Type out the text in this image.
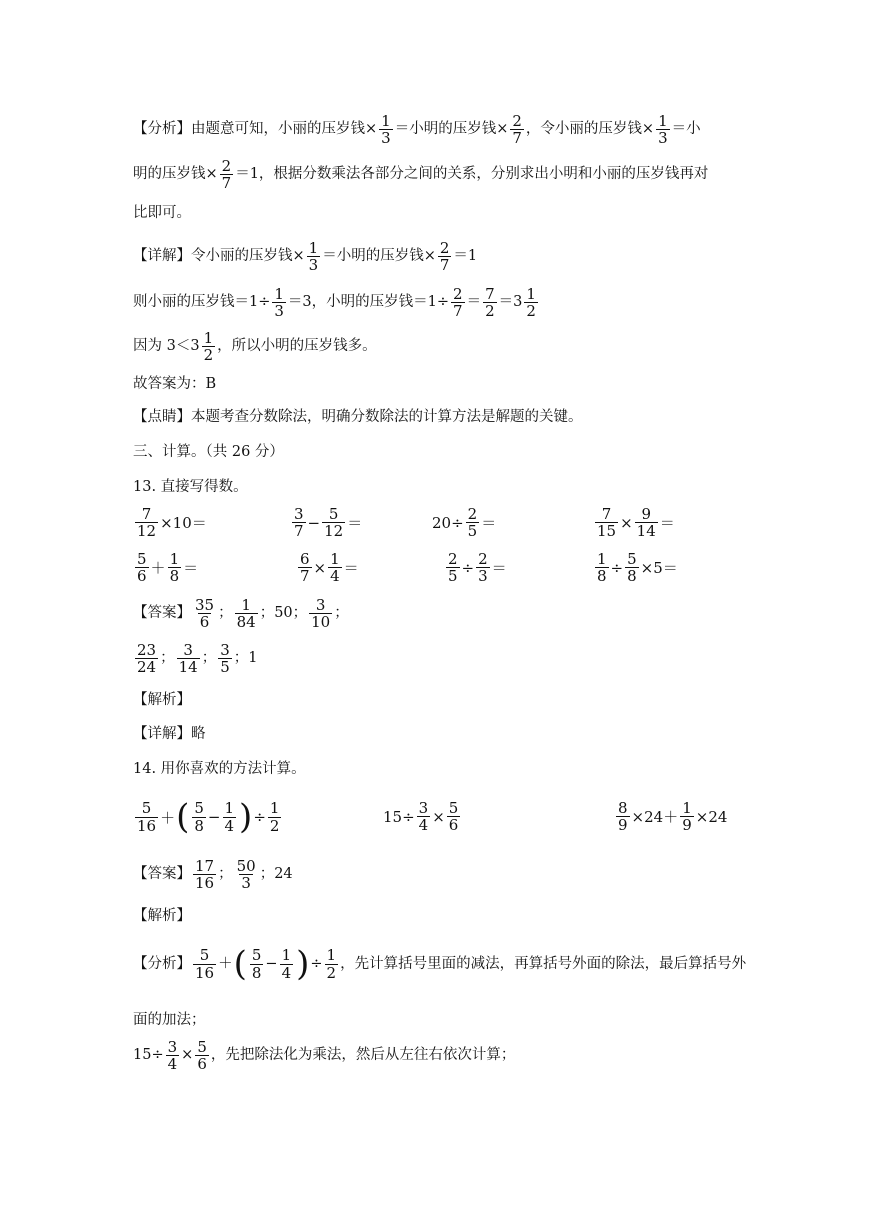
【分析】 由题意可知，小丽的压岁钱× $\frac{1}{3}$ ＝小明的压岁钱× $\frac{2}{7}$ ，令小丽的压岁钱× $\frac{1}{3}$ ＝小
明的压岁钱× $\frac{2}{7} =1$，根据分数乘法各部分之间的关系，分别求出小明和小丽的压岁钱再对
比即可。
【详解】 令小丽的压岁钱× $\frac{1}{3}$ ＝小明的压岁钱× $\frac{2}{7} =1$
则小丽的压岁钱$=1\div \frac{1}{3} =3$，小明的压岁钱$=1\div \frac{2}{7} = \frac{7}{2} =3 \frac{1}{2}$
因为 $3<3 \frac{1}{2}$ ，所以小明的压岁钱多。
故答案为：B
【点睛】 本题考查分数除法，明确分数除法的计算方法是解题的关键。
三、计算。（共 26 分）
13. 直接写得数。
$\frac{7}{12} \times 10=$	$\frac{3}{7} - \frac{5}{12}$ ＝	$20\div \frac{2}{5}$ ＝	$\frac{7}{15} \times \frac{9}{14}$ ＝
$\frac{5}{6} + \frac{1}{8}$ ＝	$\frac{6}{7} \times \frac{1}{4}$ ＝	$\frac{2}{5} \div \frac{2}{3}$ ＝	$\frac{1}{8} \div \frac{5}{8} \times 5=$
【答案】 $\frac{35}{6}$ ； $\frac{1}{84}$ ； 50 ； $\frac{3}{10}$ ；
$\frac{23}{24}$ ； $\frac{3}{14}$ ； $\frac{3}{5}$ ； 1
【解析】
【详解】 略
14. 用你喜欢的方法计算。
$\frac{5}{16}$ ＋ ( $\frac{5}{8} - \frac{1}{4}$ ) ÷ $\frac{1}{2}$	$15\div \frac{3}{4} \times \frac{5}{6}$	$\frac{8}{9} \times 24+ \frac{1}{9} \times 24$
【答案】 $\frac{17}{16}$ ； $\frac{50}{3}$ ； 24
【解析】
【分析】 $\frac{5}{16}$ ＋ ( $\frac{5}{8} - \frac{1}{4}$ ) ÷ $\frac{1}{2}$ ，先计算括号里面的减法，再算括号外面的除法，最后算括号外
面的加法；
$15\div \frac{3}{4} \times \frac{5}{6}$ ，先把除法化为乘法，然后从左往右依次计算；
